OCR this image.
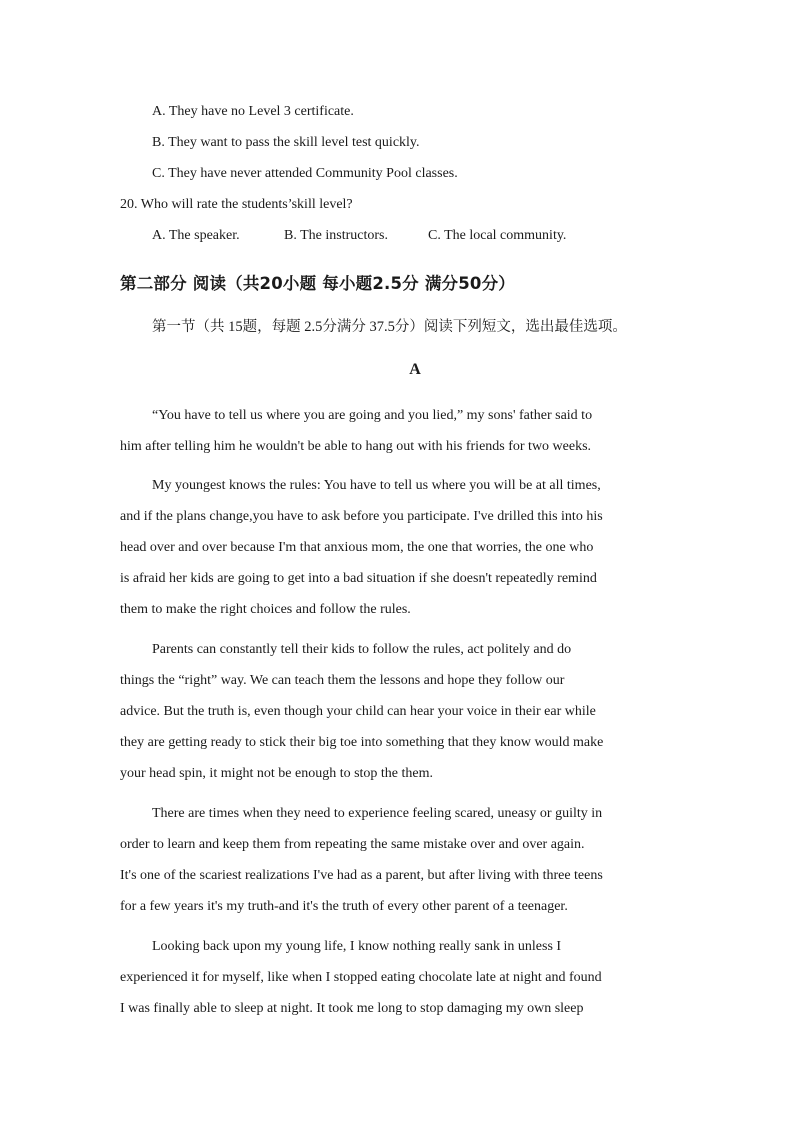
A. They have no Level 3 certificate.
B. They want to pass the skill level test quickly.
C. They have never attended Community Pool classes.
20. Who will rate the students’skill level?
A. The speaker.	B. The instructors.	C. The local community.
第二部分 阅读（共20小题 每小题2.5分 满分50分）
第一节（共 15题，每题 2.5分满分 37.5分）阅读下列短文，选出最佳选项。
A
“You have to tell us where you are going and you lied,” my sons' father said to
him after telling him he wouldn't be able to hang out with his friends for two weeks.
My youngest knows the rules: You have to tell us where you will be at all times,
and if the plans change,you have to ask before you participate. I've drilled this into his
head over and over because I'm that anxious mom, the one that worries, the one who
is afraid her kids are going to get into a bad situation if she doesn't repeatedly remind
them to make the right choices and follow the rules.
Parents can constantly tell their kids to follow the rules, act politely and do
things the “right” way. We can teach them the lessons and hope they follow our
advice. But the truth is, even though your child can hear your voice in their ear while
they are getting ready to stick their big toe into something that they know would make
your head spin, it might not be enough to stop the them.
There are times when they need to experience feeling scared, uneasy or guilty in
order to learn and keep them from repeating the same mistake over and over again.
It's one of the scariest realizations I've had as a parent, but after living with three teens
for a few years it's my truth-and it's the truth of every other parent of a teenager.
Looking back upon my young life, I know nothing really sank in unless I
experienced it for myself, like when I stopped eating chocolate late at night and found
I was finally able to sleep at night. It took me long to stop damaging my own sleep
